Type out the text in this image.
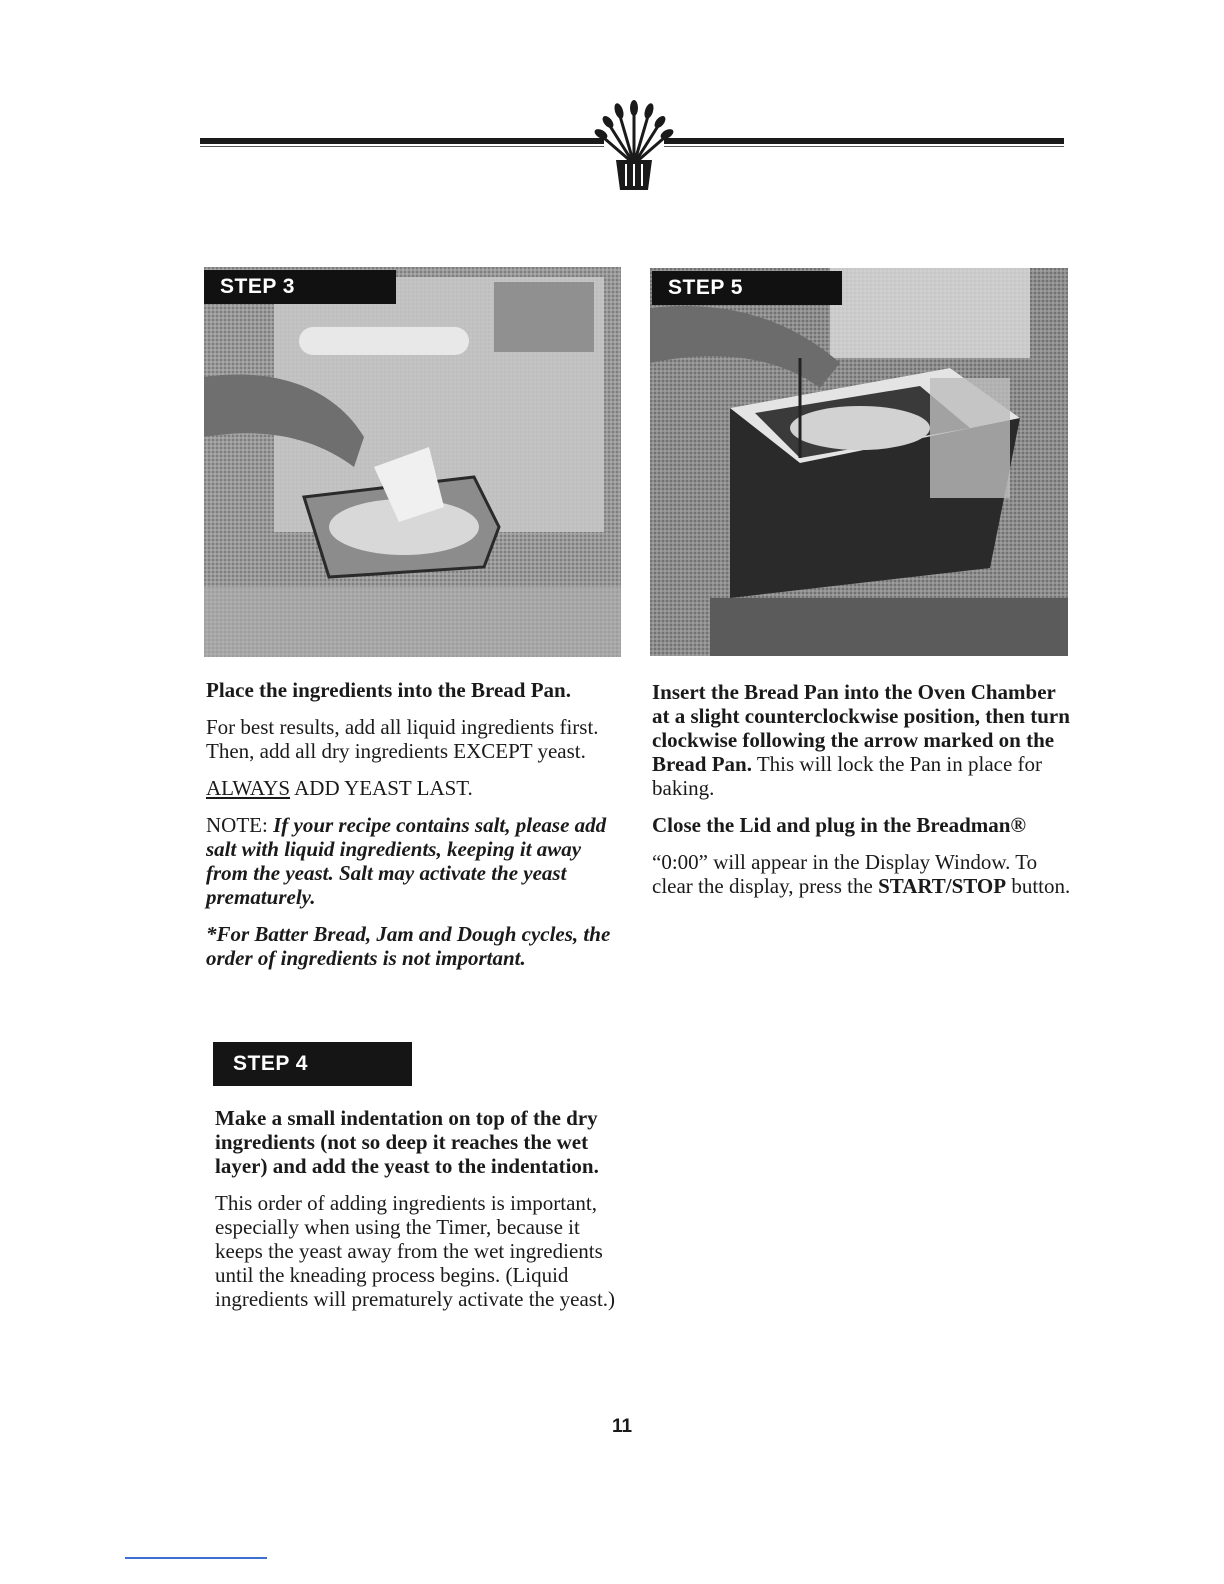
STEP 3	STEP 5

Place the ingredients into the Bread Pan.

For best results, add all liquid ingredients first. Then, add all dry ingredients EXCEPT yeast.

ALWAYS ADD YEAST LAST.

NOTE: If your recipe contains salt, please add salt with liquid ingredients, keeping it away from the yeast. Salt may activate the yeast prematurely.

*For Batter Bread, Jam and Dough cycles, the order of ingredients is not important.

STEP 4

Make a small indentation on top of the dry ingredients (not so deep it reaches the wet layer) and add the yeast to the indentation.

This order of adding ingredients is important, especially when using the Timer, because it keeps the yeast away from the wet ingredients until the kneading process begins. (Liquid ingredients will prematurely activate the yeast.)

Insert the Bread Pan into the Oven Chamber at a slight counterclockwise position, then turn clockwise following the arrow marked on the Bread Pan. This will lock the Pan in place for baking.

Close the Lid and plug in the Breadman®

“0:00” will appear in the Display Window. To clear the display, press the START/STOP button.

11
